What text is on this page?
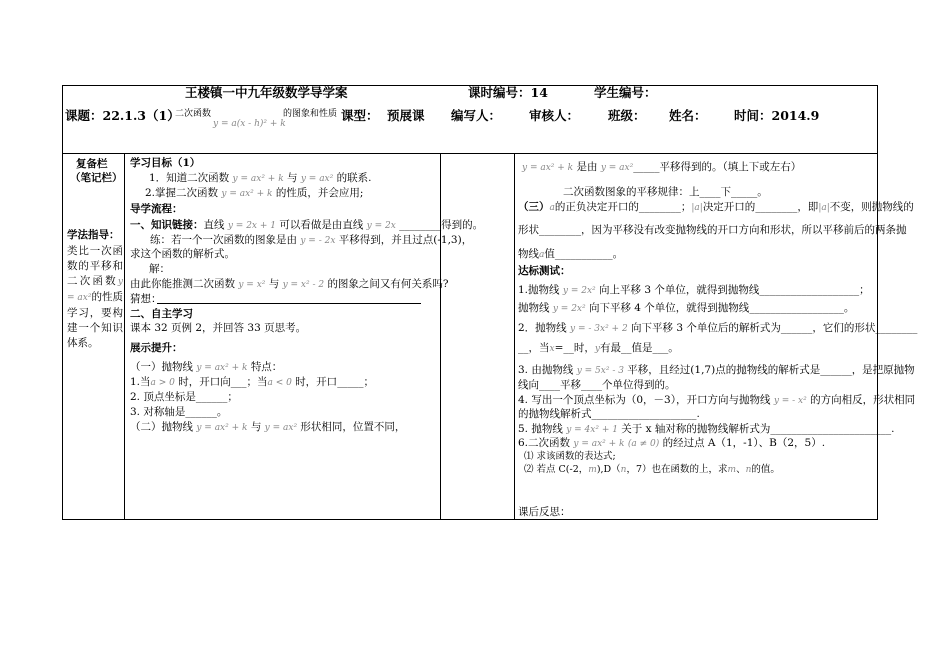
王楼镇一中九年级数学导学案	课时编号：14	学生编号：
课题：22.1.3（1）
二次函数
y = a(x - h)² + k
的图象和性质 课型： 预展课 编写人： 审核人： 班级： 姓名： 时间：2014.9
复备栏
（笔记栏）
学法指导：
类比一次函数的平移和二次函数y = ax²的性质学习，要构建一个知识体系。
学习目标（1）
1．知道二次函数 y = ax² + k 与 y = ax² 的联系.
2.掌握二次函数 y = ax² + k 的性质，并会应用;
导学流程：
一、知识链接：直线 y = 2x + 1 可以看做是由直线 y = 2x ________得到的。
练：若一个一次函数的图象是由 y = - 2x 平移得到，并且过点(-1,3)，
求这个函数的解析式。
解：
由此你能推测二次函数 y = x² 与 y = x² - 2 的图象之间又有何关系吗?
猜想：
二、自主学习
课本 32 页例 2，并回答 33 页思考。
展示提升：
（一）抛物线 y = ax² + k 特点：
1.当a > 0 时，开口向___；当a < 0 时，开口_____；
2. 顶点坐标是______；
3. 对称轴是______。
（二）抛物线 y = ax² + k 与 y = ax² 形状相同，位置不同，
y = ax² + k 是由 y = ax²_____平移得到的。（填上下或左右）
二次函数图象的平移规律：上____下_____。
（三）a的正负决定开口的________；|a|决定开口的________，即|a|不变，则抛物线的
形状________，因为平移没有改变抛物线的开口方向和形状，所以平移前后的两条抛
物线a值___________。
达标测试：
1.抛物线 y = 2x² 向上平移 3 个单位，就得到抛物线___________________；
抛物线 y = 2x² 向下平移 4 个单位，就得到抛物线__________________。
2．抛物线 y = - 3x² + 2 向下平移 3 个单位后的解析式为______，它们的形状________
__，当x=__时，y有最__值是___。
3. 由抛物线 y = 5x² - 3 平移，且经过(1,7)点的抛物线的解析式是______，是把原抛物
线向____平移____个单位得到的。
4. 写出一个顶点坐标为（0，－3），开口方向与抛物线 y = - x² 的方向相反，形状相同
的抛物线解析式____________________.
5. 抛物线 y = 4x² + 1 关于 x 轴对称的抛物线解析式为_______________________.
6.二次函数 y = ax² + k (a ≠ 0) 的经过点 A（1，-1）、B（2，5）.
⑴ 求该函数的表达式;
⑵ 若点 C(-2，m),D（n，7）也在函数的上，求m、n的值。
课后反思：
